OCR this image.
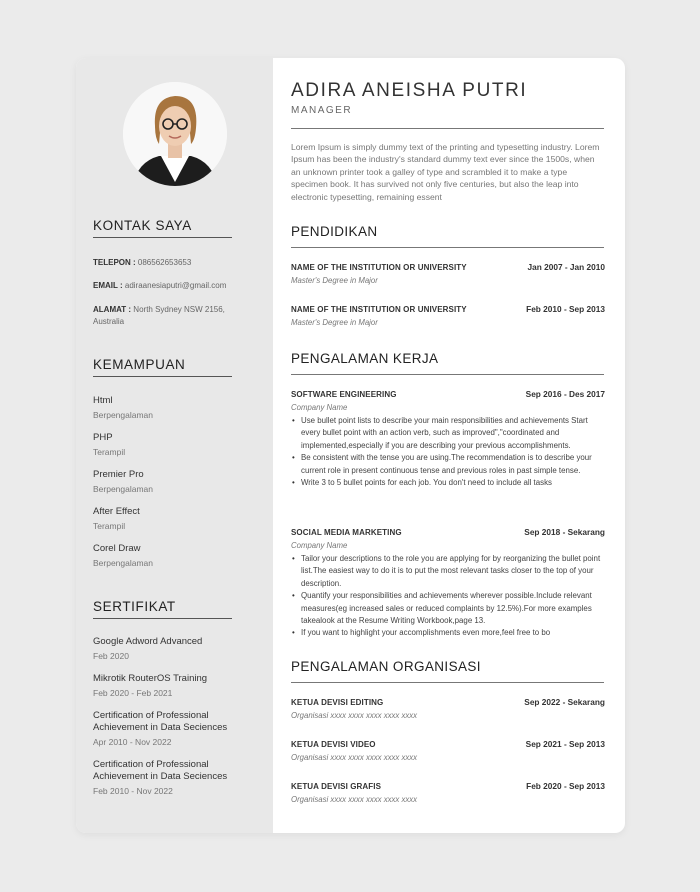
KONTAK SAYA
TELEPON : 086562653653
EMAIL : adiraanesiaputri@gmail.com
ALAMAT : North Sydney NSW 2156, Australia
KEMAMPUAN
Html
Berpengalaman
PHP
Terampil
Premier Pro
Berpengalaman
After Effect
Terampil
Corel Draw
Berpengalaman
SERTIFIKAT
Google Adword Advanced
Feb 2020
Mikrotik RouterOS Training
Feb 2020 - Feb 2021
Certification of Professional Achievement in Data Seciences
Apr 2010 - Nov 2022
Certification of Professional Achievement in Data Seciences
Feb 2010 - Nov 2022
ADIRA ANEISHA PUTRI
MANAGER
Lorem Ipsum is simply dummy text of the printing and typesetting industry. Lorem Ipsum has been the industry's standard dummy text ever since the 1500s, when an unknown printer took a galley of type and scrambled it to make a type specimen book. It has survived not only five centuries, but also the leap into electronic typesetting, remaining essent
PENDIDIKAN
NAME OF THE INSTITUTION OR UNIVERSITY	Jan 2007 - Jan 2010
Master's Degree in Major
NAME OF THE INSTITUTION OR UNIVERSITY	Feb 2010 - Sep 2013
Master's Degree in Major
PENGALAMAN KERJA
SOFTWARE ENGINEERING	Sep 2016 - Des 2017
Company Name
• Use bullet point lists to describe your main responsibilities and achievements Start every bullet point with an action verb, such as improved","coordinated and implemented,especially if you are describing your previous accomplishments.
• Be consistent with the tense you are using.The recommendation is to describe your current role in present continuous tense and previous roles in past simple tense.
• Write 3 to 5 bullet points for each job. You don't need to include all tasks
SOCIAL MEDIA MARKETING	Sep 2018 - Sekarang
Company Name
• Tailor your descriptions to the role you are applying for by reorganizing the bullet point list.The easiest way to do it is to put the most relevant tasks closer to the top of your description.
• Quantify your responsibilities and achievements wherever possible.Include relevant measures(eg increased sales or reduced complaints by 12.5%).For more examples takealook at the Resume Writing Workbook,page 13.
• If you want to highlight your accomplishments even more,feel free to bo
PENGALAMAN ORGANISASI
KETUA DEVISI EDITING	Sep 2022 - Sekarang
Organisasi xxxx xxxx xxxx xxxx xxxx
KETUA DEVISI VIDEO	Sep 2021 - Sep 2013
Organisasi xxxx xxxx xxxx xxxx xxxx
KETUA DEVISI GRAFIS	Feb 2020 - Sep 2013
Organisasi xxxx xxxx xxxx xxxx xxxx
